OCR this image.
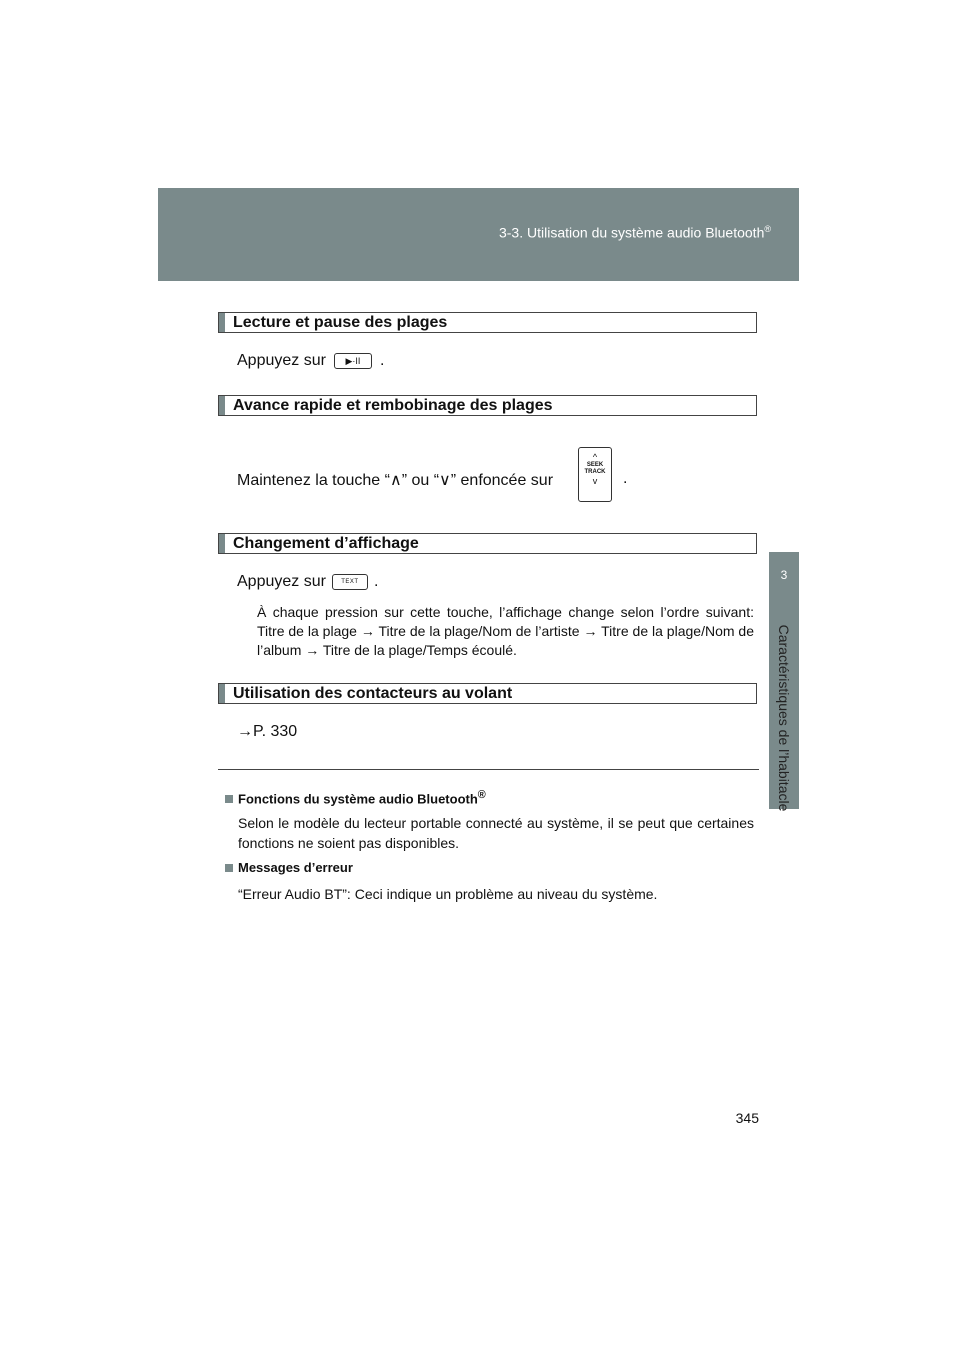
3-3. Utilisation du système audio Bluetooth®
3
Caractéristiques de l’habitacle
Lecture et pause des plages
Appuyez sur	▶·II	.
Avance rapide et rembobinage des plages
Maintenez la touche “∧” ou “∨” enfoncée sur
^
SEEK
TRACK
v	.
Changement d’affichage
Appuyez sur	TEXT .
À chaque pression sur cette touche, l’affichage change selon l’ordre suivant: Titre de la plage → Titre de la plage/Nom de l’artiste → Titre de la plage/Nom de l’album → Titre de la plage/Temps écoulé.
Utilisation des contacteurs au volant
→P. 330
Fonctions du système audio Bluetooth®
Selon le modèle du lecteur portable connecté au système, il se peut que certaines fonctions ne soient pas disponibles.
Messages d’erreur
“Erreur Audio BT”: Ceci indique un problème au niveau du système.
345
